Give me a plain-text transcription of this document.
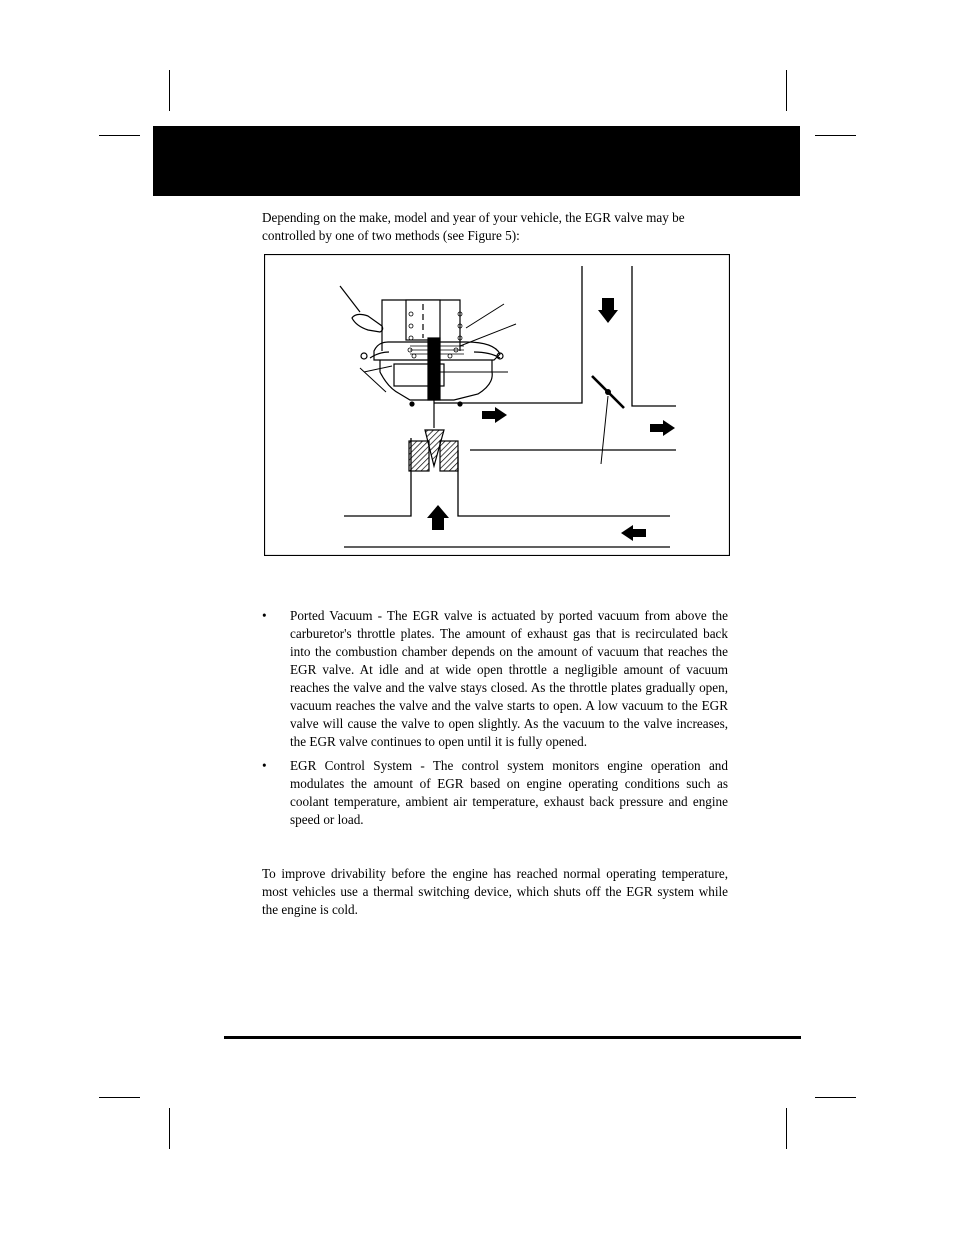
Depending on the make, model and year of your vehicle, the EGR valve may be controlled by one of two methods (see Figure 5):

• Ported Vacuum - The EGR valve is actuated by ported vacuum from above the carburetor's throttle plates. The amount of exhaust gas that is recirculated back into the combustion chamber depends on the amount of vacuum that reaches the EGR valve. At idle and at wide open throttle a negligible amount of vacuum reaches the valve and the valve stays closed. As the throttle plates gradually open, vacuum reaches the valve and the valve starts to open. A low vacuum to the EGR valve will cause the valve to open slightly. As the vacuum to the valve increases, the EGR valve continues to open until it is fully opened.
• EGR Control System - The control system monitors engine operation and modulates the amount of EGR based on engine operating conditions such as coolant temperature, ambient air temperature, exhaust back pressure and engine speed or load.

To improve drivability before the engine has reached normal operating temperature, most vehicles use a thermal switching device, which shuts off the EGR system while the engine is cold.
